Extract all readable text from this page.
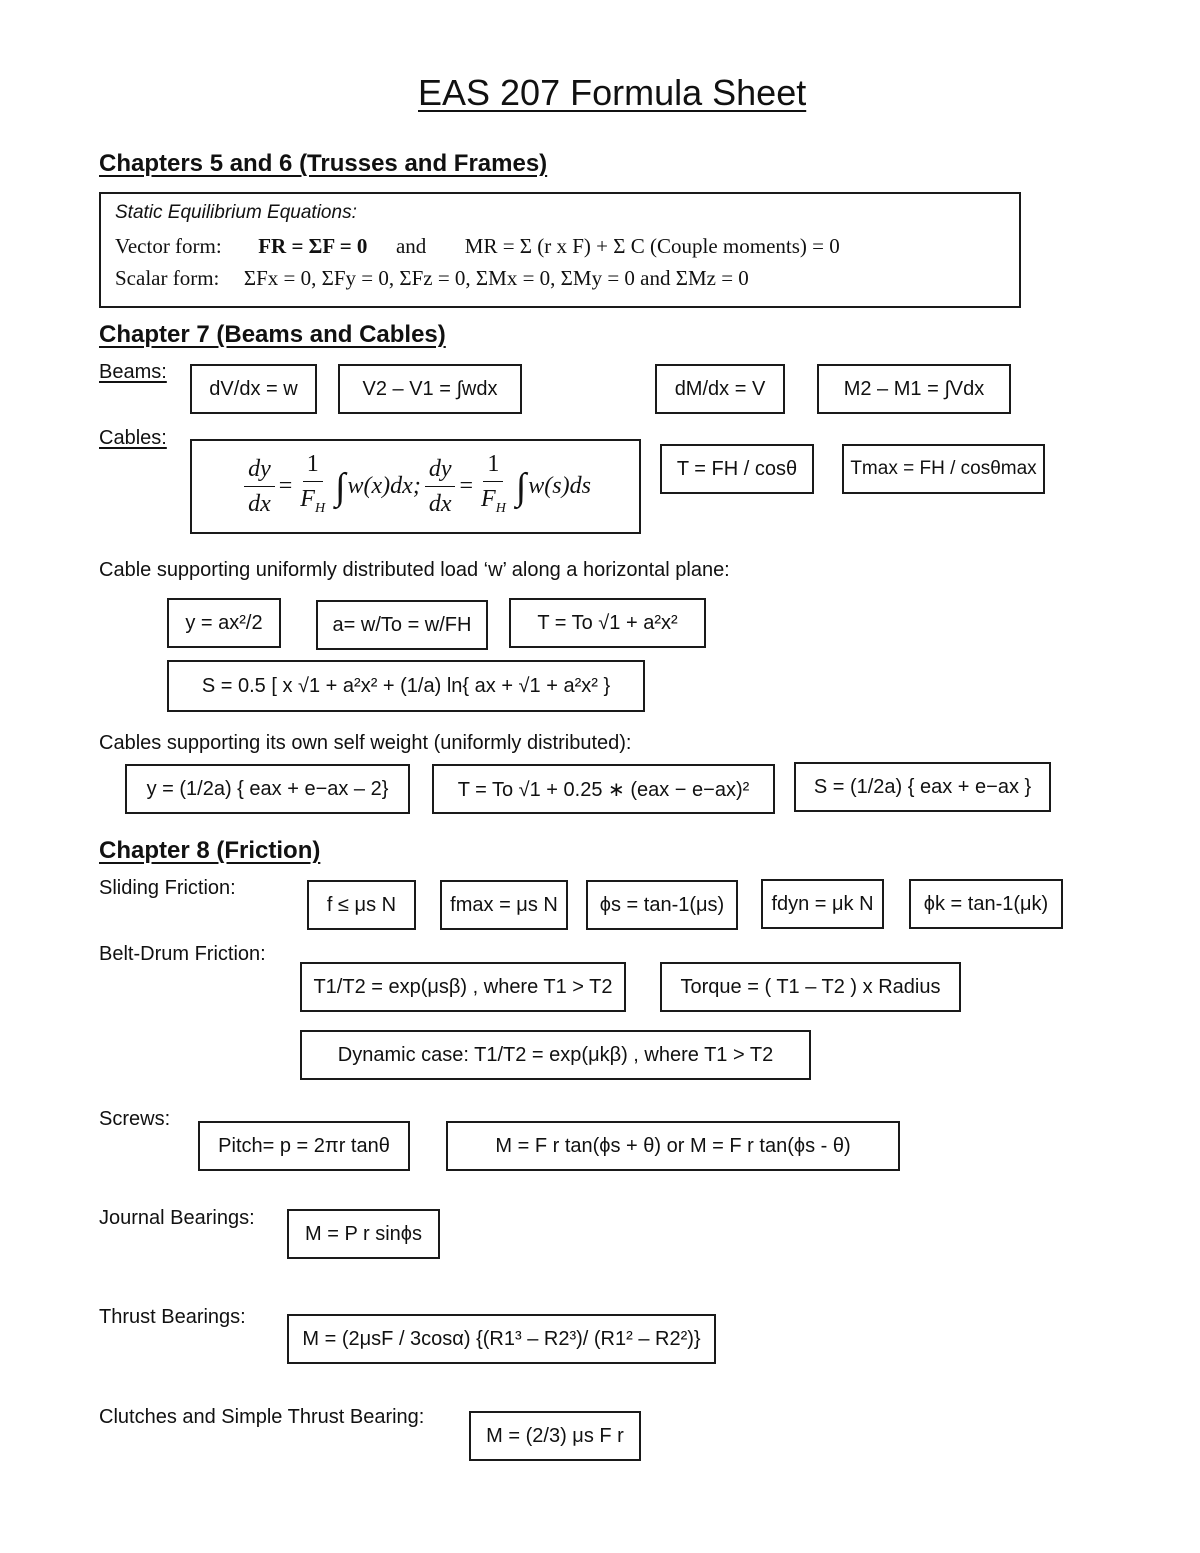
EAS 207 Formula Sheet
Chapters 5 and 6 (Trusses and Frames)
Static Equilibrium Equations:
Vector form: FR = ΣF = 0 and MR = Σ (r x F) + Σ C (Couple moments) = 0
Scalar form: ΣFx = 0, ΣFy = 0, ΣFz = 0, ΣMx = 0, ΣMy = 0 and ΣMz = 0
Chapter 7 (Beams and Cables)
Beams:
dV/dx = w	V2 – V1 = ∫wdx	dM/dx = V	M2 – M1 = ∫Vdx
Cables:
$\frac{dy}{dx} = \frac{1}{F_H}$ ∫ w(x)dx; $\frac{dy}{dx} = \frac{1}{F_H}$ ∫ w(s)ds
T = FH / cosθ	Tmax = FH / cosθmax
Cable supporting uniformly distributed load ‘w’ along a horizontal plane:
y = ax²/2	a= w/To = w/FH	T = To √1 + a²x²
S = 0.5 [ x √1 + a²x² + (1/a) ln{ ax + √1 + a²x² }
Cables supporting its own self weight (uniformly distributed):
y = (1/2a) { eax + e−ax – 2}	T = To √1 + 0.25 ∗ (eax − e−ax)²	S = (1/2a) { eax + e−ax }
Chapter 8 (Friction)
Sliding Friction:
f ≤ μs N	fmax = μs N	ϕs = tan-1(μs)	fdyn = μk N	ϕk = tan-1(μk)
Belt-Drum Friction:
T1/T2 = exp(μsβ) , where T1 > T2	Torque = ( T1 – T2 ) x Radius
Dynamic case: T1/T2 = exp(μkβ) , where T1 > T2
Screws:
Pitch= p = 2πr tanθ	M = F r tan(ϕs + θ) or M = F r tan(ϕs - θ)
Journal Bearings:
M = P r sinϕs
Thrust Bearings:
M = (2μsF / 3cosα) {(R1³ – R2³)/ (R1² – R2²)}
Clutches and Simple Thrust Bearing:
M = (2/3) μs F r
